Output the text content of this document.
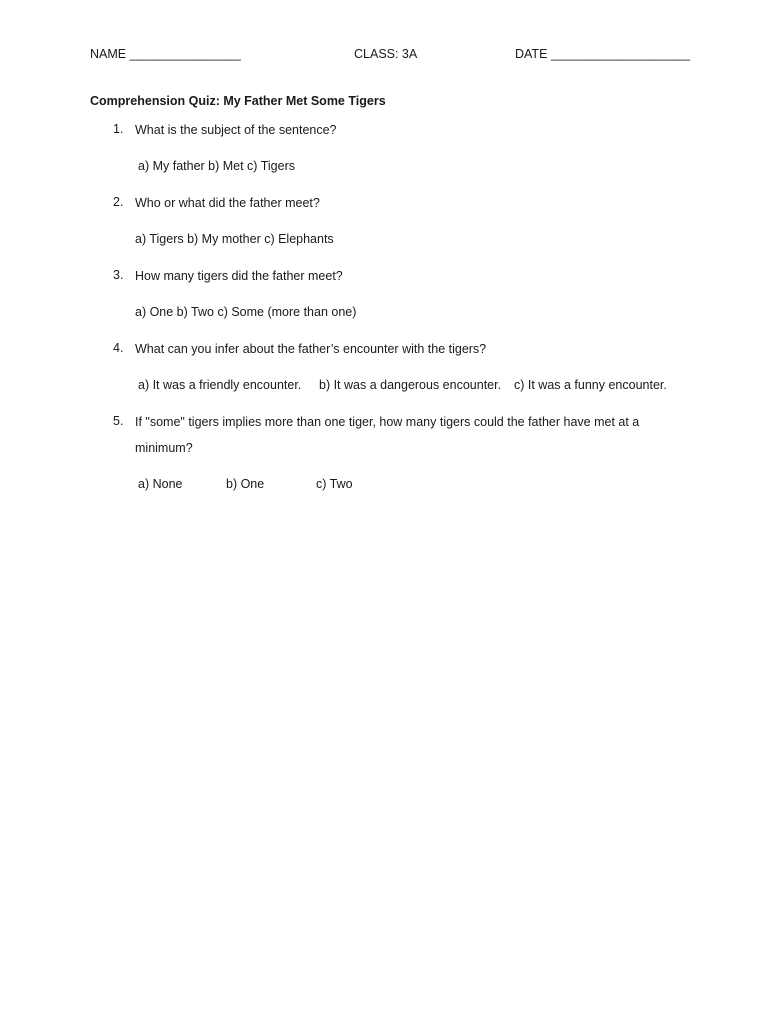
NAME ________________	CLASS: 3A	DATE ____________________
Comprehension Quiz: My Father Met Some Tigers
1. What is the subject of the sentence?
a) My father b) Met c) Tigers
2. Who or what did the father meet?
a) Tigers b) My mother c) Elephants
3. How many tigers did the father meet?
a) One b) Two c) Some (more than one)
4. What can you infer about the father’s encounter with the tigers?
a) It was a friendly encounter. b) It was a dangerous encounter. c) It was a funny encounter.
5. If "some" tigers implies more than one tiger, how many tigers could the father have met at a minimum?
a) None	b) One	c) Two
